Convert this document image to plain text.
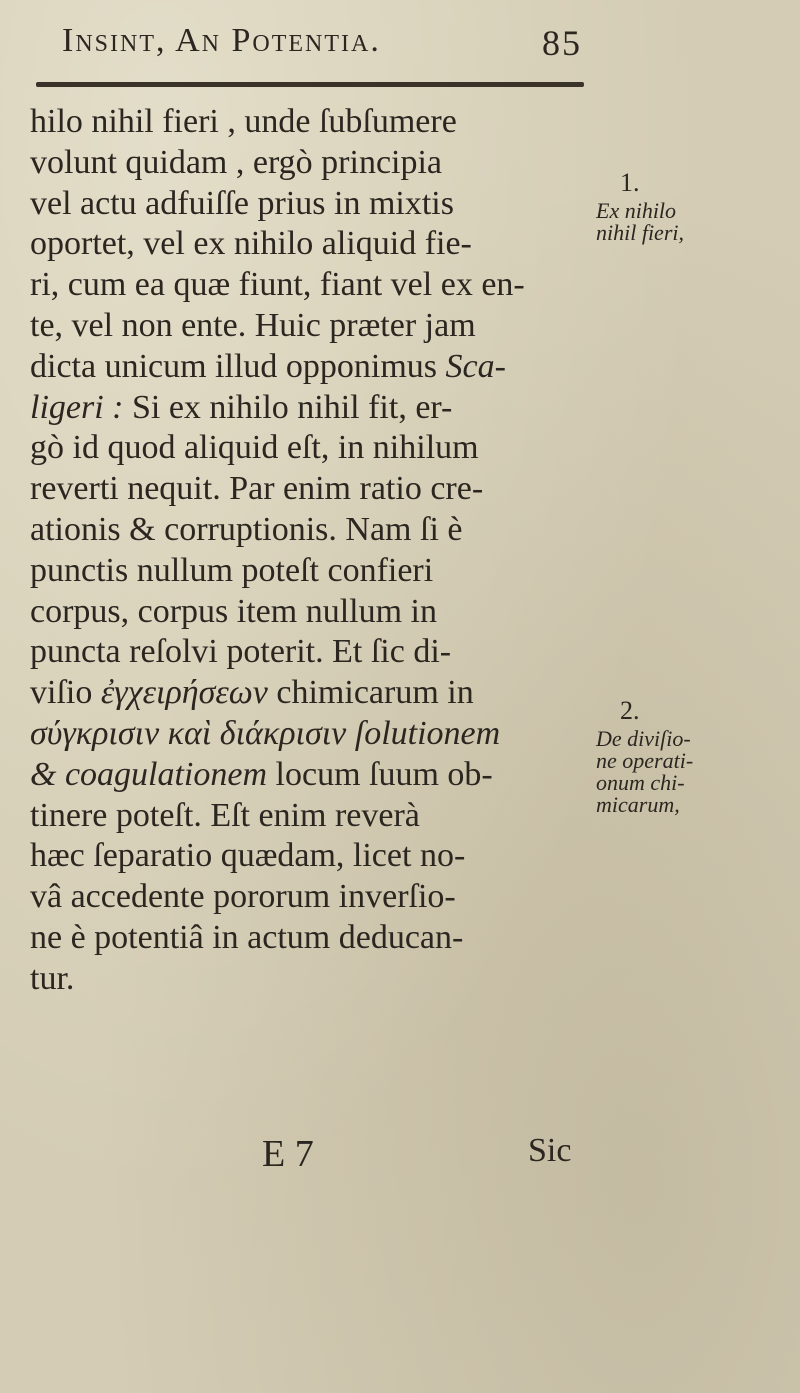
Insint, An Potentia.	85
hilo nihil fieri , unde ſubſumere
volunt quidam , ergò principia
vel actu adfuiſſe prius in mixtis
oportet, vel ex nihilo aliquid fie-
ri, cum ea quæ fiunt, fiant vel ex en-
te, vel non ente. Huic præter jam
dicta unicum illud opponimus Sca-
ligeri : Si ex nihilo nihil fit, er-
gò id quod aliquid eſt, in nihilum
reverti nequit. Par enim ratio cre-
ationis & corruptionis. Nam ſi è
punctis nullum poteſt confieri
corpus, corpus item nullum in
puncta reſolvi poterit. Et ſic di-
viſio ἐγχειρήσεων chimicarum in
σύγκρισιν καὶ διάκρισιν ſolutionem
& coagulationem locum ſuum ob-
tinere poteſt. Eſt enim reverà
hæc ſeparatio quædam, licet no-
vâ accedente pororum inverſio-
ne è potentiâ in actum deducan-
tur.
1.
Ex nihilo
nihil fieri,
2.
De diviſio-
ne operati-
onum chi-
micarum,
E 7	Sic
